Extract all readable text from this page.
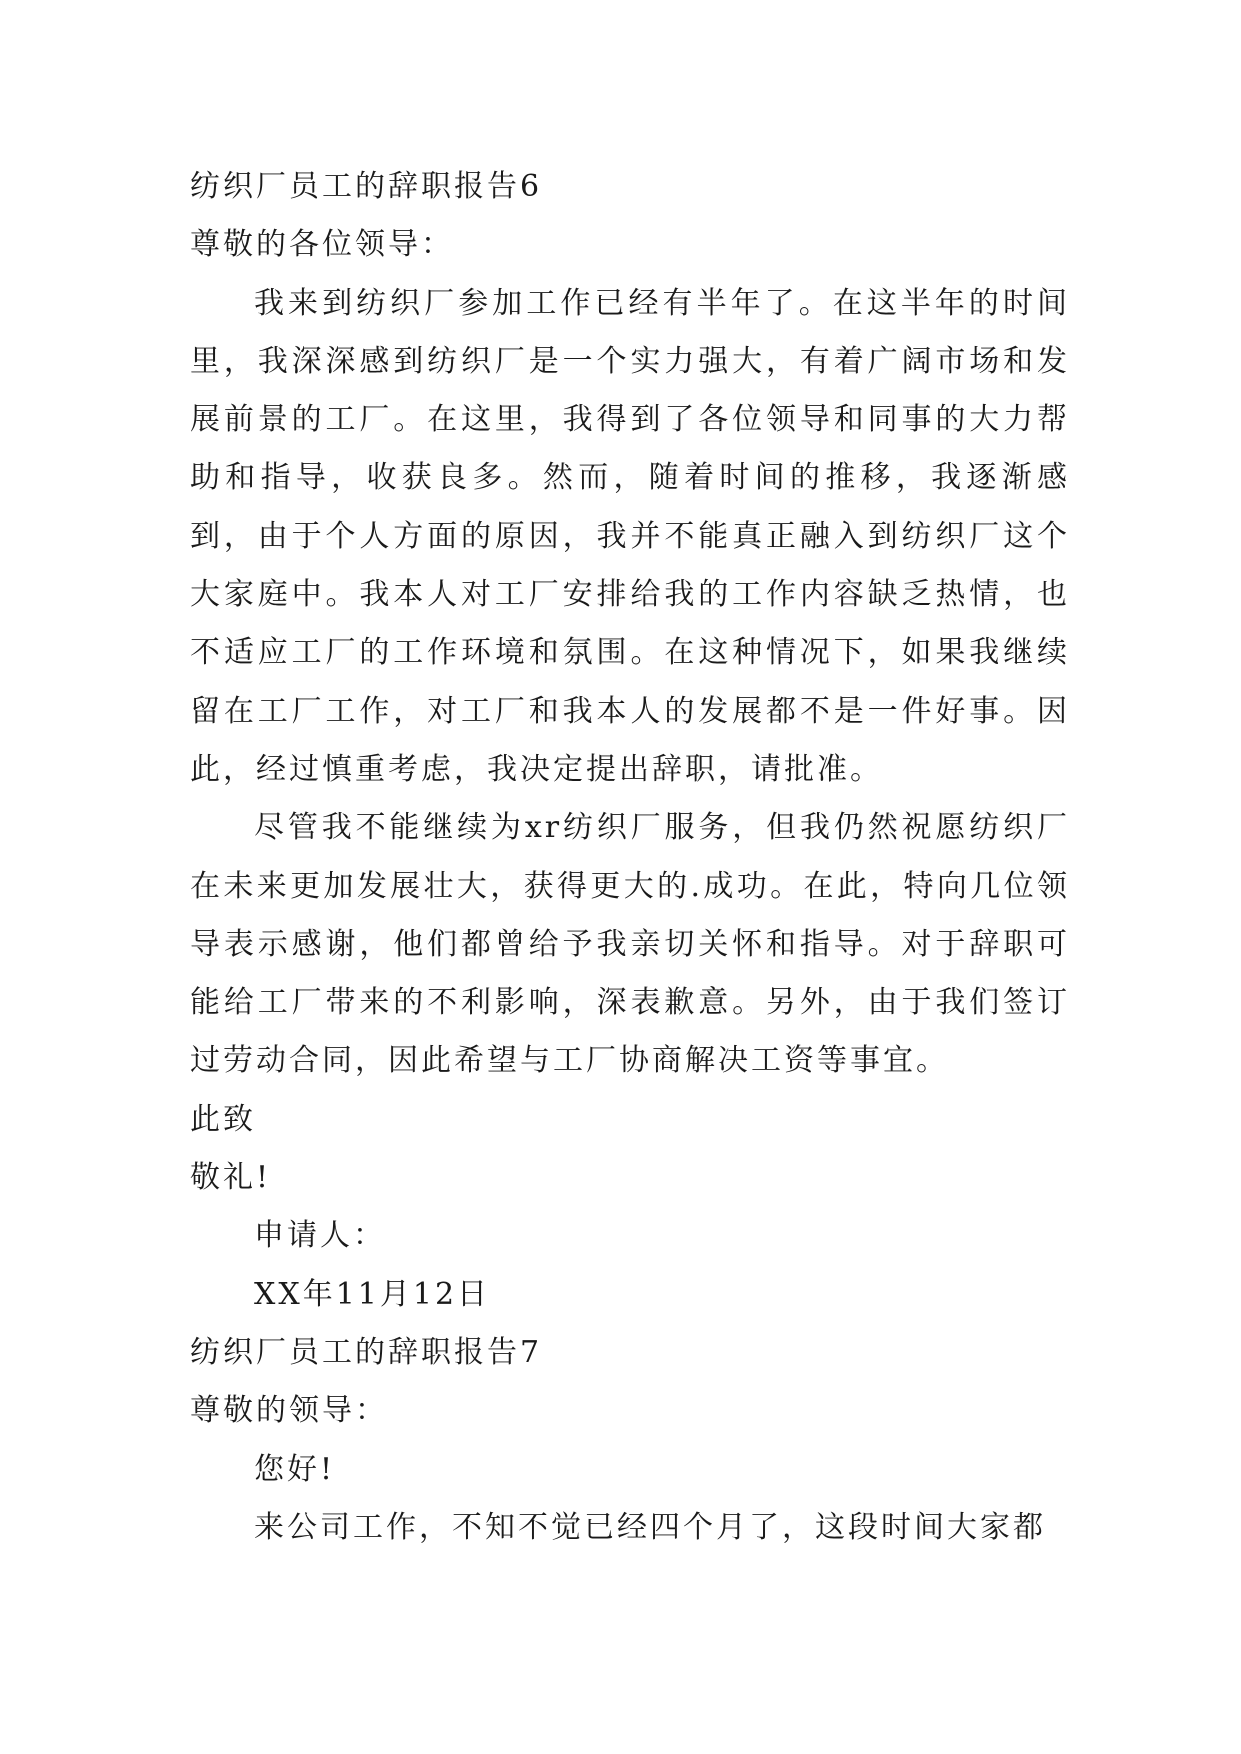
纺织厂员工的辞职报告6
尊敬的各位领导：
我来到纺织厂参加工作已经有半年了。在这半年的时间里，我深深感到纺织厂是一个实力强大，有着广阔市场和发展前景的工厂。在这里，我得到了各位领导和同事的大力帮助和指导，收获良多。然而，随着时间的推移，我逐渐感到，由于个人方面的原因，我并不能真正融入到纺织厂这个大家庭中。我本人对工厂安排给我的工作内容缺乏热情，也不适应工厂的工作环境和氛围。在这种情况下，如果我继续留在工厂工作，对工厂和我本人的发展都不是一件好事。因此，经过慎重考虑，我决定提出辞职，请批准。
尽管我不能继续为xr纺织厂服务，但我仍然祝愿纺织厂在未来更加发展壮大，获得更大的.成功。在此，特向几位领导表示感谢，他们都曾给予我亲切关怀和指导。对于辞职可能给工厂带来的不利影响，深表歉意。另外，由于我们签订过劳动合同，因此希望与工厂协商解决工资等事宜。
此致
敬礼!
申请人：
XX年11月12日
纺织厂员工的辞职报告7
尊敬的领导：
您好!
来公司工作，不知不觉已经四个月了，这段时间大家都
